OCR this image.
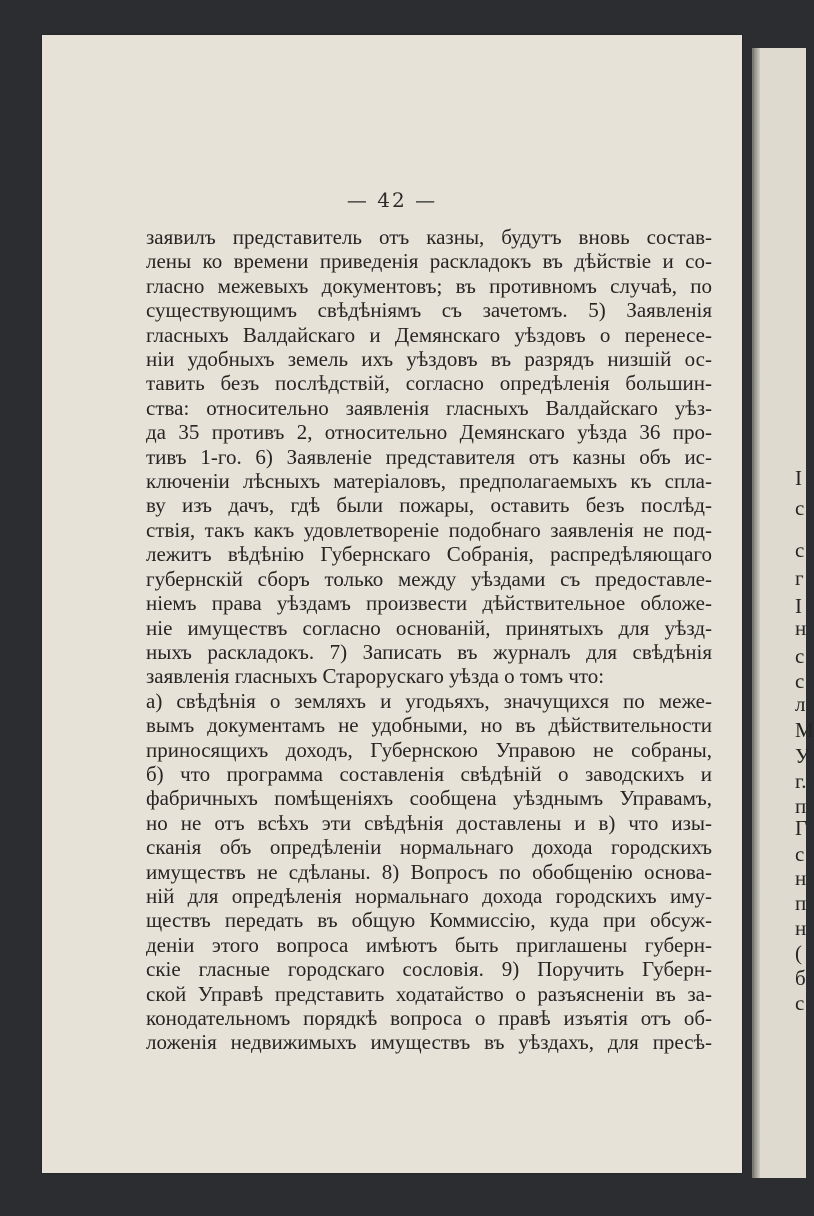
— 42 —
заявилъ представитель отъ казны, будутъ вновь состав-
лены ко времени приведенія раскладокъ въ дѣйствіе и со-
гласно межевыхъ документовъ; въ противномъ случаѣ, по
существующимъ свѣдѣніямъ съ зачетомъ. 5) Заявленія
гласныхъ Валдайскаго и Демянскаго уѣздовъ о перенесе-
ніи удобныхъ земель ихъ уѣздовъ въ разрядъ низшій ос-
тавить безъ послѣдствій, согласно опредѣленія большин-
ства: относительно заявленія гласныхъ Валдайскаго уѣз-
да 35 противъ 2, относительно Демянскаго уѣзда 36 про-
тивъ 1-го. 6) Заявленіе представителя отъ казны объ ис-
ключеніи лѣсныхъ матеріаловъ, предполагаемыхъ къ спла-
ву изъ дачъ, гдѣ были пожары, оставить безъ послѣд-
ствія, такъ какъ удовлетвореніе подобнаго заявленія не под-
лежитъ вѣдѣнію Губернскаго Собранія, распредѣляющаго
губернскій сборъ только между уѣздами съ предоставле-
ніемъ права уѣздамъ произвести дѣйствительное обложе-
ніе имуществъ согласно основаній, принятыхъ для уѣзд-
ныхъ раскладокъ. 7) Записать въ журналъ для свѣдѣнія
заявленія гласныхъ Старорускаго уѣзда о томъ что:
а) свѣдѣнія о земляхъ и угодьяхъ, значущихся по меже-
вымъ документамъ не удобными, но въ дѣйствительности
приносящихъ доходъ, Губернскою Управою не собраны,
б) что программа составленія свѣдѣній о заводскихъ и
фабричныхъ помѣщеніяхъ сообщена уѣзднымъ Управамъ,
но не отъ всѣхъ эти свѣдѣнія доставлены и в) что изы-
сканія объ опредѣленіи нормальнаго дохода городскихъ
имуществъ не сдѣланы. 8) Вопросъ по обобщенію основа-
ній для опредѣленія нормальнаго дохода городскихъ иму-
ществъ передать въ общую Коммиссію, куда при обсуж-
деніи этого вопроса имѣютъ быть приглашены губерн-
скіе гласные городскаго сословія. 9) Поручить Губерн-
ской Управѣ представить ходатайство о разъясненіи въ за-
конодательномъ порядкѣ вопроса о правѣ изъятія отъ об-
ложенія недвижимыхъ имуществъ въ уѣздахъ, для пресѣ-
I
с
с
г
I
н
с
с
л
М
У
г.
п
Г
с
н
п
н
(
б
с
